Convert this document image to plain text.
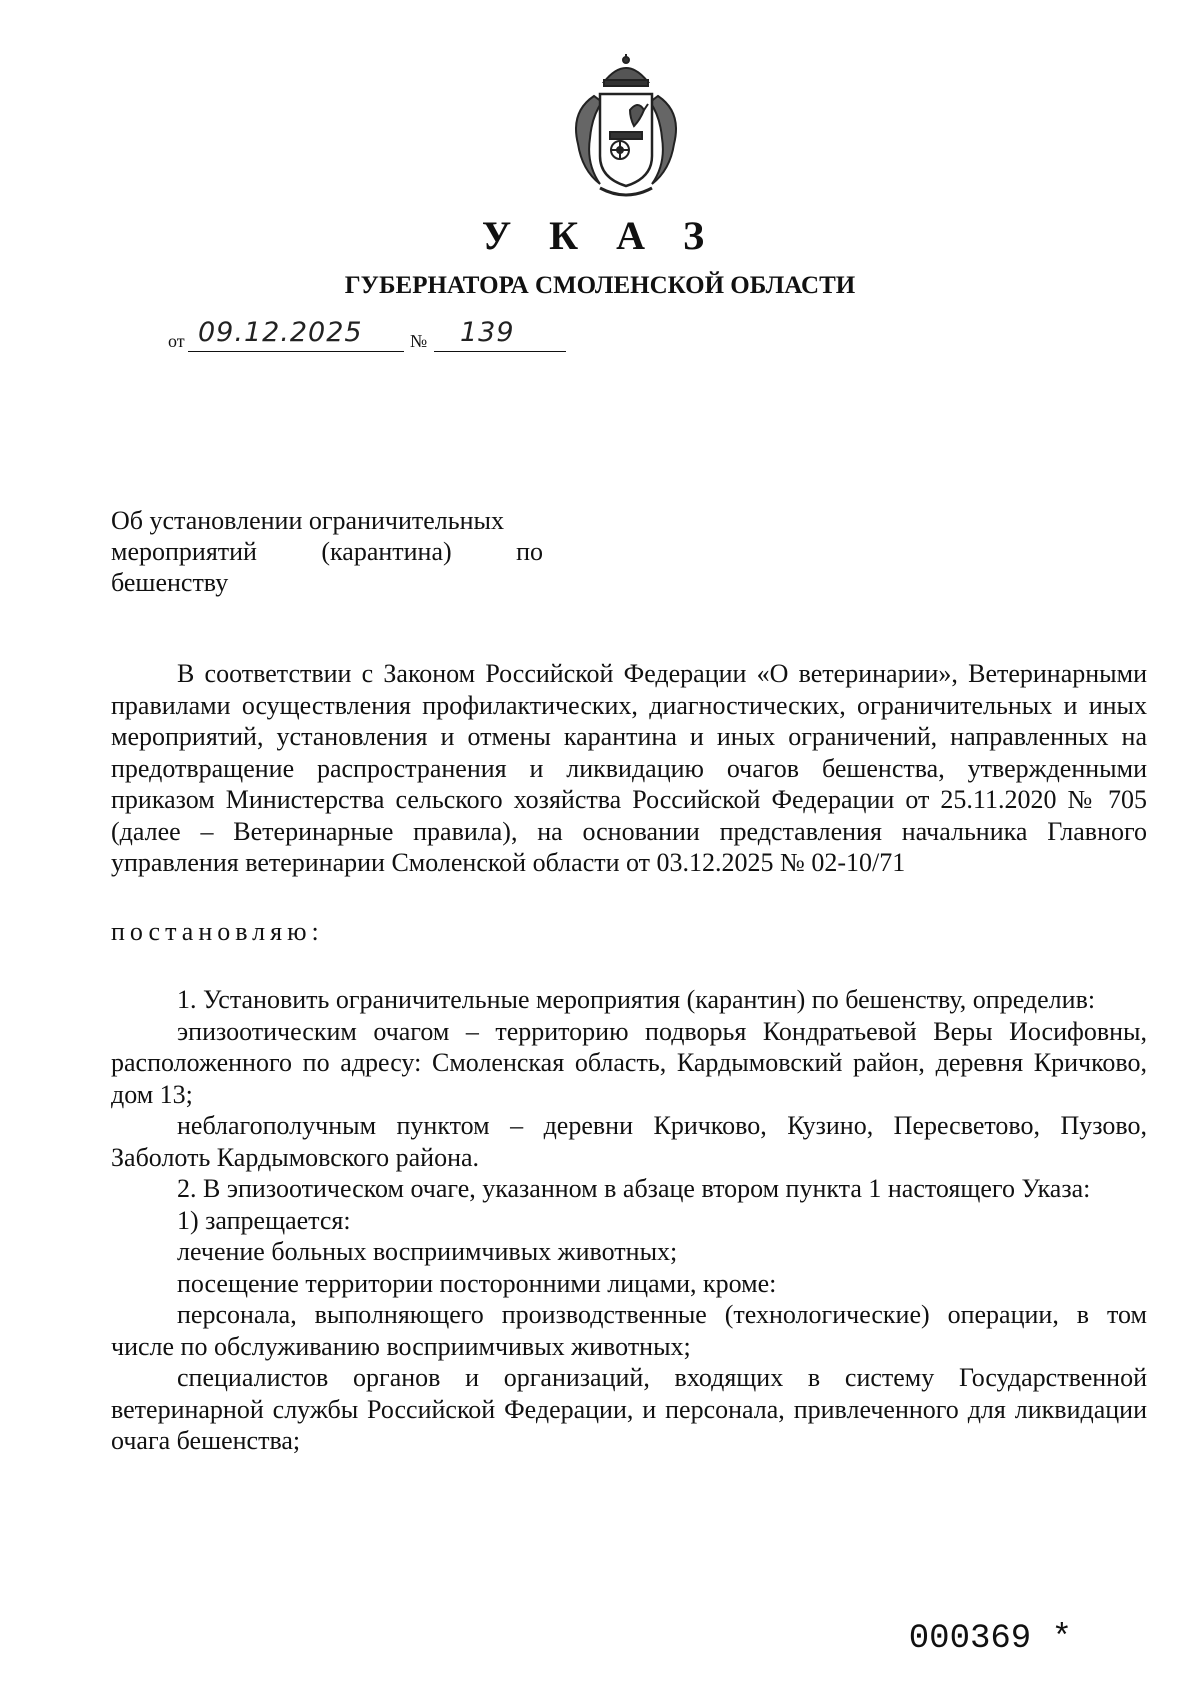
У К А З
ГУБЕРНАТОРА СМОЛЕНСКОЙ ОБЛАСТИ
от 09.12.2025	№ 139
Об установлении ограничительных
мероприятий (карантина) по
бешенству

В соответствии с Законом Российской Федерации «О ветеринарии», Ветеринарными правилами осуществления профилактических, диагностических, ограничительных и иных мероприятий, установления и отмены карантина и иных ограничений, направленных на предотвращение распространения и ликвидацию очагов бешенства, утвержденными приказом Министерства сельского хозяйства Российской Федерации от 25.11.2020 № 705 (далее – Ветеринарные правила), на основании представления начальника Главного управления ветеринарии Смоленской области от 03.12.2025 № 02-10/71

постановляю:

1. Установить ограничительные мероприятия (карантин) по бешенству, определив:

эпизоотическим очагом – территорию подворья Кондратьевой Веры Иосифовны, расположенного по адресу: Смоленская область, Кардымовский район, деревня Кричково, дом 13;

неблагополучным пунктом – деревни Кричково, Кузино, Пересветово, Пузово, Заболоть Кардымовского района.

2. В эпизоотическом очаге, указанном в абзаце втором пункта 1 настоящего Указа:

1) запрещается:

лечение больных восприимчивых животных;

посещение территории посторонними лицами, кроме:

персонала, выполняющего производственные (технологические) операции, в том числе по обслуживанию восприимчивых животных;

специалистов органов и организаций, входящих в систему Государственной ветеринарной службы Российской Федерации, и персонала, привлеченного для ликвидации очага бешенства;

000369 *
